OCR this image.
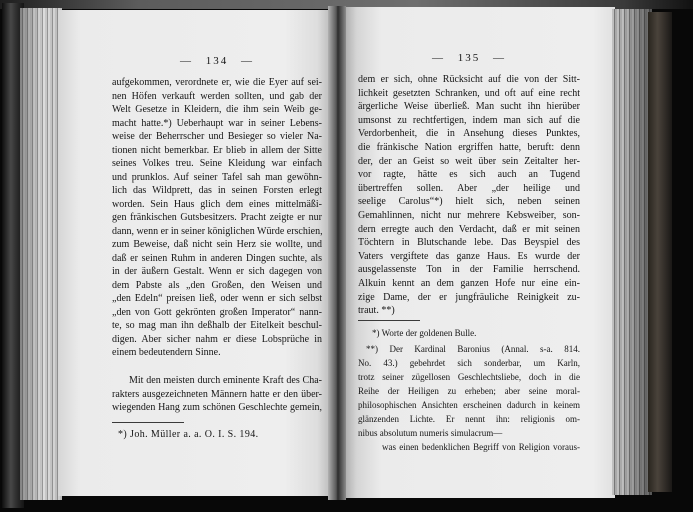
— 134 —
aufgekommen, verordnete er, wie die Eyer auf sei-
nen Höfen verkauft werden sollten, und gab der
Welt Gesetze in Kleidern, die ihm sein Weib ge-
macht hatte.*) Ueberhaupt war in seiner Lebens-
weise der Beherrscher und Besieger so vieler Na-
tionen nicht bemerkbar. Er blieb in allem der Sitte
seines Volkes treu. Seine Kleidung war einfach
und prunklos. Auf seiner Tafel sah man gewöhn-
lich das Wildprett, das in seinen Forsten erlegt
worden. Sein Haus glich dem eines mittelmäßi-
gen fränkischen Gutsbesitzers. Pracht zeigte er nur
dann, wenn er in seiner königlichen Würde erschien,
zum Beweise, daß nicht sein Herz sie wollte, und
daß er seinen Ruhm in anderen Dingen suchte, als
in der äußern Gestalt. Wenn er sich dagegen von
dem Pabste als „den Großen, den Weisen und
„den Edeln“ preisen ließ, oder wenn er sich selbst
„den von Gott gekrönten großen Imperator“ nann-
te, so mag man ihn deßhalb der Eitelkeit beschul-
digen. Aber sicher nahm er diese Lobsprüche in
einem bedeutendern Sinne.
Mit den meisten durch eminente Kraft des Cha-
rakters ausgezeichneten Männern hatte er den über-
wiegenden Hang zum schönen Geschlechte gemein,
*) Joh. Müller a. a. O. I. S. 194.
— 135 —
dem er sich, ohne Rücksicht auf die von der Sitt-
lichkeit gesetzten Schranken, und oft auf eine recht
ärgerliche Weise überließ. Man sucht ihn hierüber
umsonst zu rechtfertigen, indem man sich auf die
Verdorbenheit, die in Ansehung dieses Punktes,
die fränkische Nation ergriffen hatte, beruft: denn
der, der an Geist so weit über sein Zeitalter her-
vor ragte, hätte es sich auch an Tugend
übertreffen sollen. Aber „der heilige und
seelige Carolus“*) hielt sich, neben seinen
Gemahlinnen, nicht nur mehrere Kebsweiber, son-
dern erregte auch den Verdacht, daß er mit seinen
Töchtern in Blutschande lebe. Das Beyspiel des
Vaters vergiftete das ganze Haus. Es wurde der
ausgelassenste Ton in der Familie herrschend.
Alkuin kennt an dem ganzen Hofe nur eine ein-
zige Dame, der er jungfräuliche Reinigkeit zu-
traut. **)
*) Worte der goldenen Bulle.
**) Der Kardinal Baronius (Annal. s-a. 814.
No. 43.) gebehrdet sich sonderbar, um Karln,
trotz seiner zügellosen Geschlechtsliebe, doch in die
Reihe der Heiligen zu erheben; aber seine moral-
philosophischen Ansichten erscheinen dadurch in keinem
glänzenden Lichte. Er nennt ihn: religionis om-
nibus absolutum numeris simulacrum—
was einen bedenklichen Begriff von Religion voraus-
